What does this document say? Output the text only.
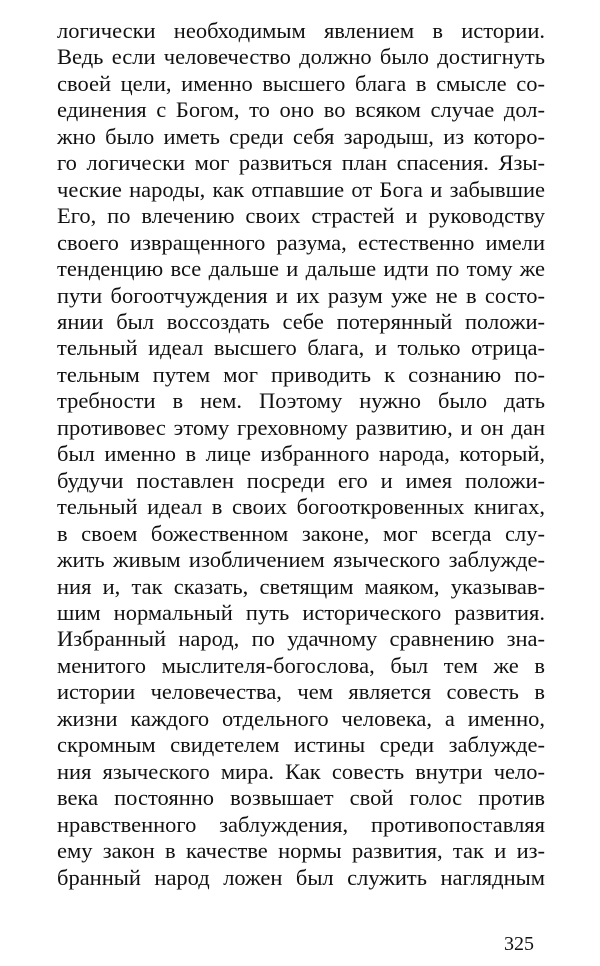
логически необходимым явлением в истории.
Ведь если человечество должно было достигнуть
своей цели, именно высшего блага в смысле со-
единения с Богом, то оно во всяком случае дол-
жно было иметь среди себя зародыш, из которо-
го логически мог развиться план спасения. Язы-
ческие народы, как отпавшие от Бога и забывшие
Его, по влечению своих страстей и руководству
своего извращенного разума, естественно имели
тенденцию все дальше и дальше идти по тому же
пути богоотчуждения и их разум уже не в состо-
янии был воссоздать себе потерянный положи-
тельный идеал высшего блага, и только отрица-
тельным путем мог приводить к сознанию по-
требности в нем. Поэтому нужно было дать
противовес этому греховному развитию, и он дан
был именно в лице избранного народа, который,
будучи поставлен посреди его и имея положи-
тельный идеал в своих богооткровенных книгах,
в своем божественном законе, мог всегда слу-
жить живым изобличением языческого заблужде-
ния и, так сказать, светящим маяком, указывав-
шим нормальный путь исторического развития.
Избранный народ, по удачному сравнению зна-
менитого мыслителя-богослова, был тем же в
истории человечества, чем является совесть в
жизни каждого отдельного человека, а именно,
скромным свидетелем истины среди заблужде-
ния языческого мира. Как совесть внутри чело-
века постоянно возвышает свой голос против
нравственного заблуждения, противопоставляя
ему закон в качестве нормы развития, так и из-
бранный народ ложен был служить наглядным
325
